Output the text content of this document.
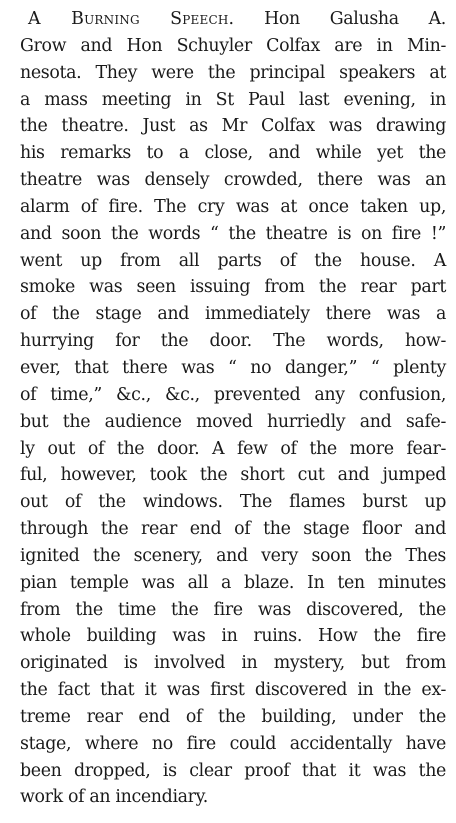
A Burning Speech. Hon Galusha A.
Grow and Hon Schuyler Colfax are in Min-
nesota. They were the principal speakers at
a mass meeting in St Paul last evening, in
the theatre. Just as Mr Colfax was drawing
his remarks to a close, and while yet the
theatre was densely crowded, there was an
alarm of fire. The cry was at once taken up,
and soon the words “ the theatre is on fire !”
went up from all parts of the house. A
smoke was seen issuing from the rear part
of the stage and immediately there was a
hurrying for the door. The words, how-
ever, that there was “ no danger,” “ plenty
of time,” &c., &c., prevented any confusion,
but the audience moved hurriedly and safe-
ly out of the door. A few of the more fear-
ful, however, took the short cut and jumped
out of the windows. The flames burst up
through the rear end of the stage floor and
ignited the scenery, and very soon the Thes
pian temple was all a blaze. In ten minutes
from the time the fire was discovered, the
whole building was in ruins. How the fire
originated is involved in mystery, but from
the fact that it was first discovered in the ex-
treme rear end of the building, under the
stage, where no fire could accidentally have
been dropped, is clear proof that it was the
work of an incendiary.
